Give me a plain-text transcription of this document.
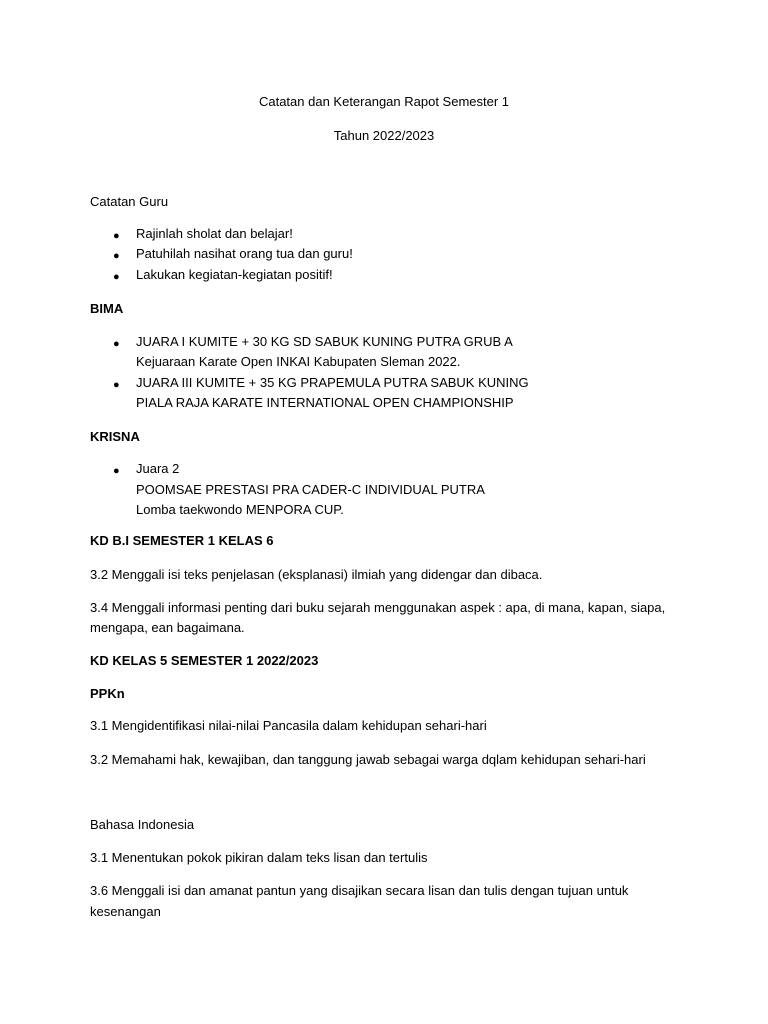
Catatan dan Keterangan Rapot Semester 1
Tahun 2022/2023
Catatan Guru
● Rajinlah sholat dan belajar!
● Patuhilah nasihat orang tua dan guru!
● Lakukan kegiatan-kegiatan positif!
BIMA
● JUARA I KUMITE + 30 KG SD SABUK KUNING PUTRA GRUB A
Kejuaraan Karate Open INKAI Kabupaten Sleman 2022.
● JUARA III KUMITE + 35 KG PRAPEMULA PUTRA SABUK KUNING
PIALA RAJA KARATE INTERNATIONAL OPEN CHAMPIONSHIP
KRISNA
● Juara 2
POOMSAE PRESTASI PRA CADER-C INDIVIDUAL PUTRA
Lomba taekwondo MENPORA CUP.
KD B.I SEMESTER 1 KELAS 6
3.2 Menggali isi teks penjelasan (eksplanasi) ilmiah yang didengar dan dibaca.
3.4 Menggali informasi penting dari buku sejarah menggunakan aspek : apa, di mana, kapan, siapa,
mengapa, ean bagaimana.
KD KELAS 5 SEMESTER 1 2022/2023
PPKn
3.1 Mengidentifikasi nilai-nilai Pancasila dalam kehidupan sehari-hari
3.2 Memahami hak, kewajiban, dan tanggung jawab sebagai warga dqlam kehidupan sehari-hari
Bahasa Indonesia
3.1 Menentukan pokok pikiran dalam teks lisan dan tertulis
3.6 Menggali isi dan amanat pantun yang disajikan secara lisan dan tulis dengan tujuan untuk
kesenangan
